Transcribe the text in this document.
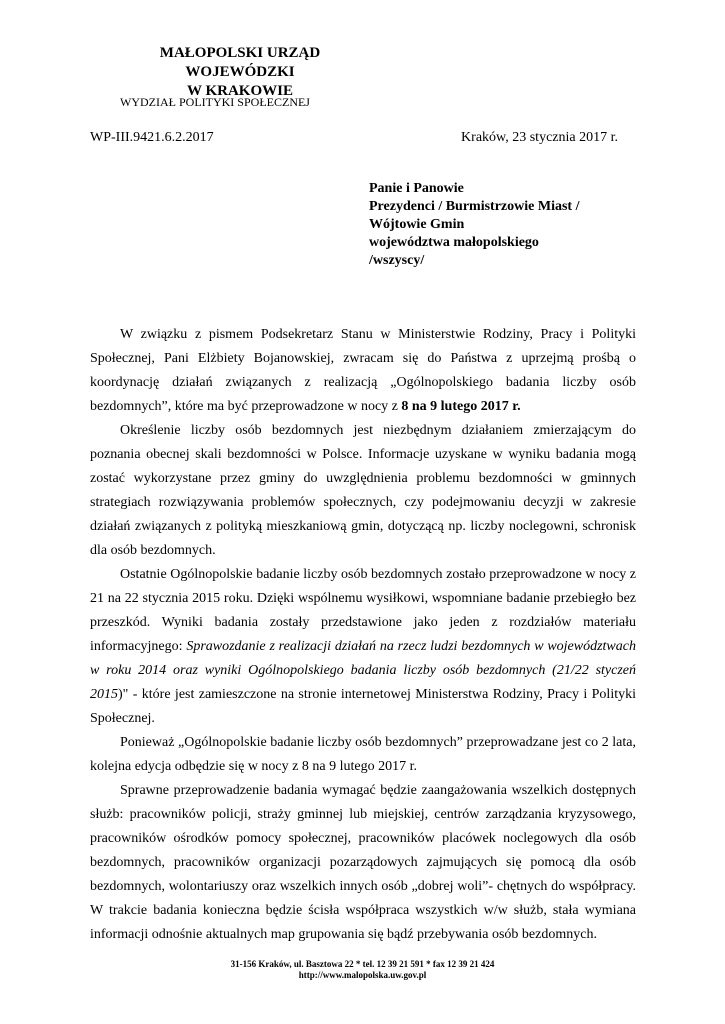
MAŁOPOLSKI URZĄD WOJEWÓDZKI
W KRAKOWIE
WYDZIAŁ POLITYKI SPOŁECZNEJ
WP-III.9421.6.2.2017	Kraków, 23 stycznia 2017 r.
Panie i Panowie
Prezydenci / Burmistrzowie Miast /
Wójtowie Gmin
województwa małopolskiego
/wszyscy/

W związku z pismem Podsekretarz Stanu w Ministerstwie Rodziny, Pracy i Polityki Społecznej, Pani Elżbiety Bojanowskiej, zwracam się do Państwa z uprzejmą prośbą o koordynację działań związanych z realizacją „Ogólnopolskiego badania liczby osób bezdomnych”, które ma być przeprowadzone w nocy z 8 na 9 lutego 2017 r.

Określenie liczby osób bezdomnych jest niezbędnym działaniem zmierzającym do poznania obecnej skali bezdomności w Polsce. Informacje uzyskane w wyniku badania mogą zostać wykorzystane przez gminy do uwzględnienia problemu bezdomności w gminnych strategiach rozwiązywania problemów społecznych, czy podejmowaniu decyzji w zakresie działań związanych z polityką mieszkaniową gmin, dotyczącą np. liczby noclegowni, schronisk dla osób bezdomnych.

Ostatnie Ogólnopolskie badanie liczby osób bezdomnych zostało przeprowadzone w nocy z 21 na 22 stycznia 2015 roku. Dzięki wspólnemu wysiłkowi, wspomniane badanie przebiegło bez przeszkód. Wyniki badania zostały przedstawione jako jeden z rozdziałów materiału informacyjnego: Sprawozdanie z realizacji działań na rzecz ludzi bezdomnych w województwach w roku 2014 oraz wyniki Ogólnopolskiego badania liczby osób bezdomnych (21/22 styczeń 2015)" - które jest zamieszczone na stronie internetowej Ministerstwa Rodziny, Pracy i Polityki Społecznej.

Ponieważ „Ogólnopolskie badanie liczby osób bezdomnych” przeprowadzane jest co 2 lata, kolejna edycja odbędzie się w nocy z 8 na 9 lutego 2017 r.

Sprawne przeprowadzenie badania wymagać będzie zaangażowania wszelkich dostępnych służb: pracowników policji, straży gminnej lub miejskiej, centrów zarządzania kryzysowego, pracowników ośrodków pomocy społecznej, pracowników placówek noclegowych dla osób bezdomnych, pracowników organizacji pozarządowych zajmujących się pomocą dla osób bezdomnych, wolontariuszy oraz wszelkich innych osób „dobrej woli”- chętnych do współpracy. W trakcie badania konieczna będzie ścisła współpraca wszystkich w/w służb, stała wymiana informacji odnośnie aktualnych map grupowania się bądź przebywania osób bezdomnych.

31-156 Kraków, ul. Basztowa 22 * tel. 12 39 21 591 * fax 12 39 21 424
http://www.malopolska.uw.gov.pl
